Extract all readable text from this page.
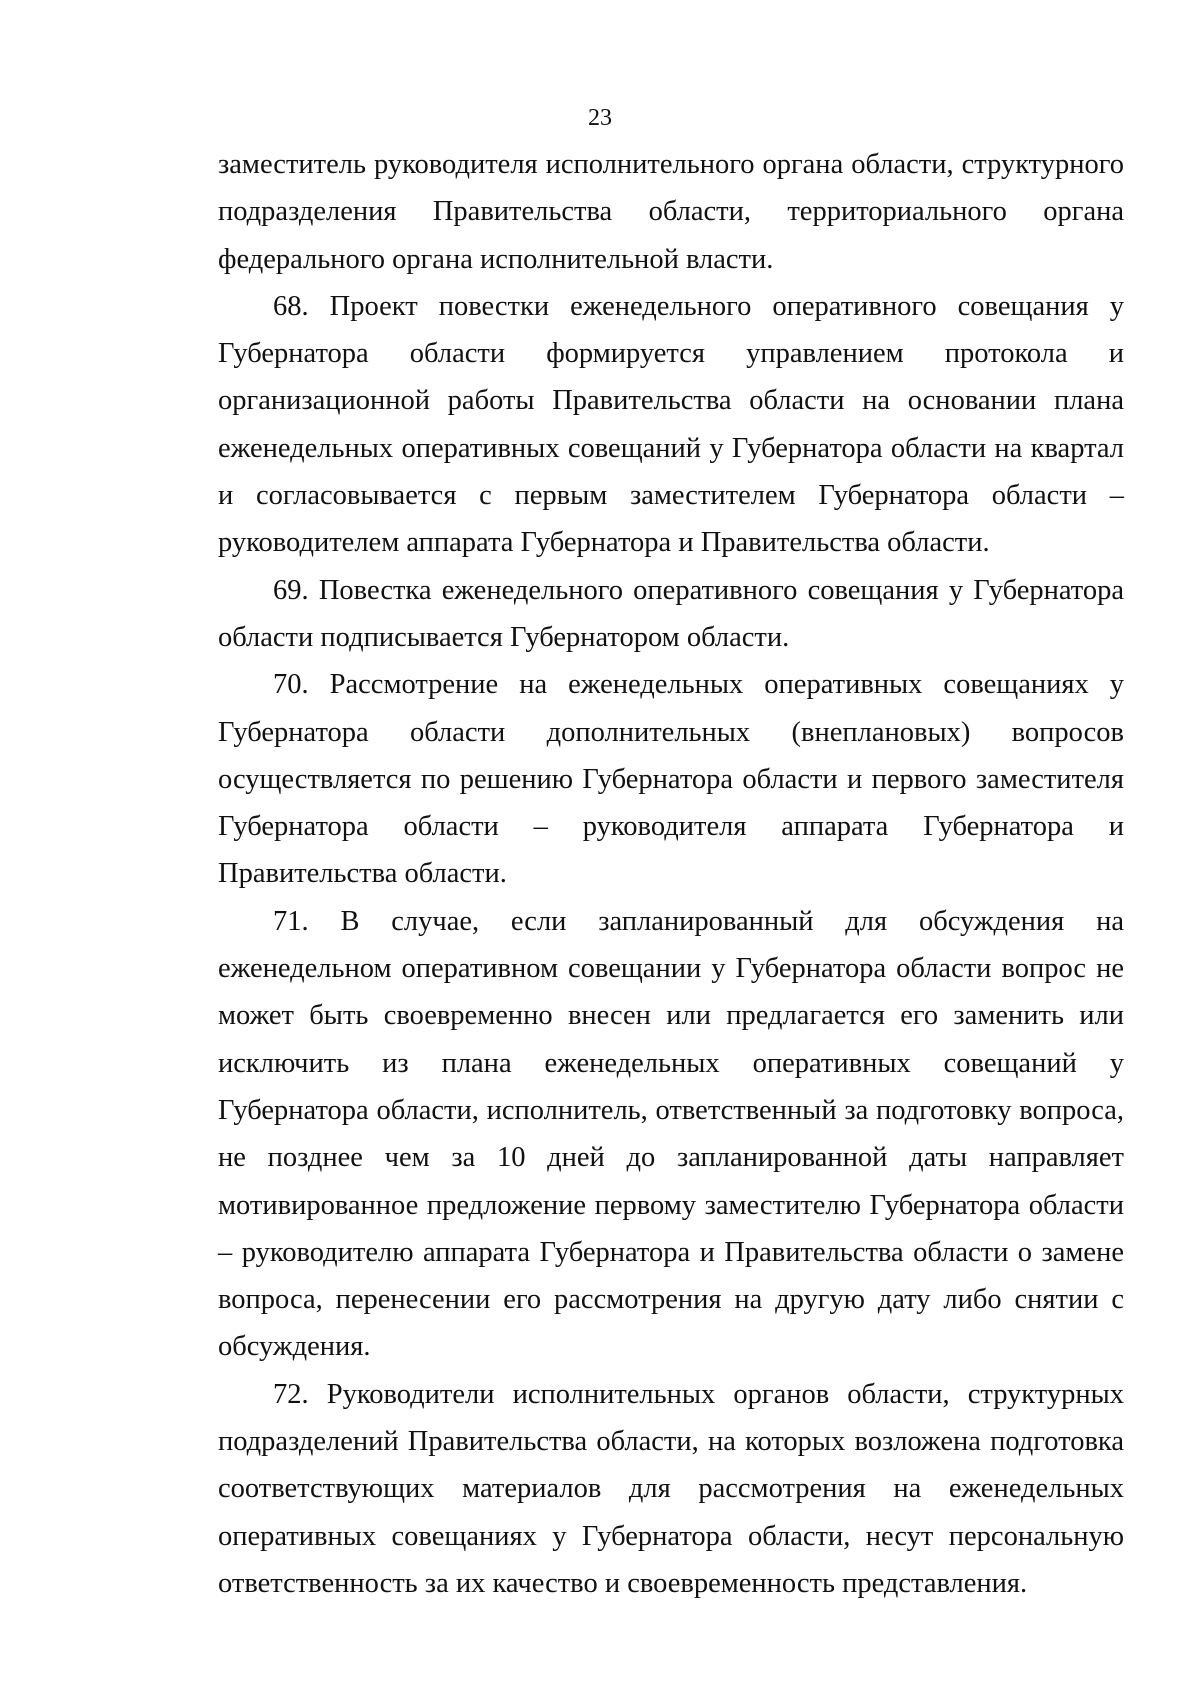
23

заместитель руководителя исполнительного органа области, структурного подразделения Правительства области, территориального органа федерального органа исполнительной власти.

68. Проект повестки еженедельного оперативного совещания у Губернатора области формируется управлением протокола и организационной работы Правительства области на основании плана еженедельных оперативных совещаний у Губернатора области на квартал и согласовывается с первым заместителем Губернатора области – руководителем аппарата Губернатора и Правительства области.

69. Повестка еженедельного оперативного совещания у Губернатора области подписывается Губернатором области.

70. Рассмотрение на еженедельных оперативных совещаниях у Губернатора области дополнительных (внеплановых) вопросов осуществляется по решению Губернатора области и первого заместителя Губернатора области – руководителя аппарата Губернатора и Правительства области.

71. В случае, если запланированный для обсуждения на еженедельном оперативном совещании у Губернатора области вопрос не может быть своевременно внесен или предлагается его заменить или исключить из плана еженедельных оперативных совещаний у Губернатора области, исполнитель, ответственный за подготовку вопроса, не позднее чем за 10 дней до запланированной даты направляет мотивированное предложение первому заместителю Губернатора области – руководителю аппарата Губернатора и Правительства области о замене вопроса, перенесении его рассмотрения на другую дату либо снятии с обсуждения.

72. Руководители исполнительных органов области, структурных подразделений Правительства области, на которых возложена подготовка соответствующих материалов для рассмотрения на еженедельных оперативных совещаниях у Губернатора области, несут персональную ответственность за их качество и своевременность представления.
